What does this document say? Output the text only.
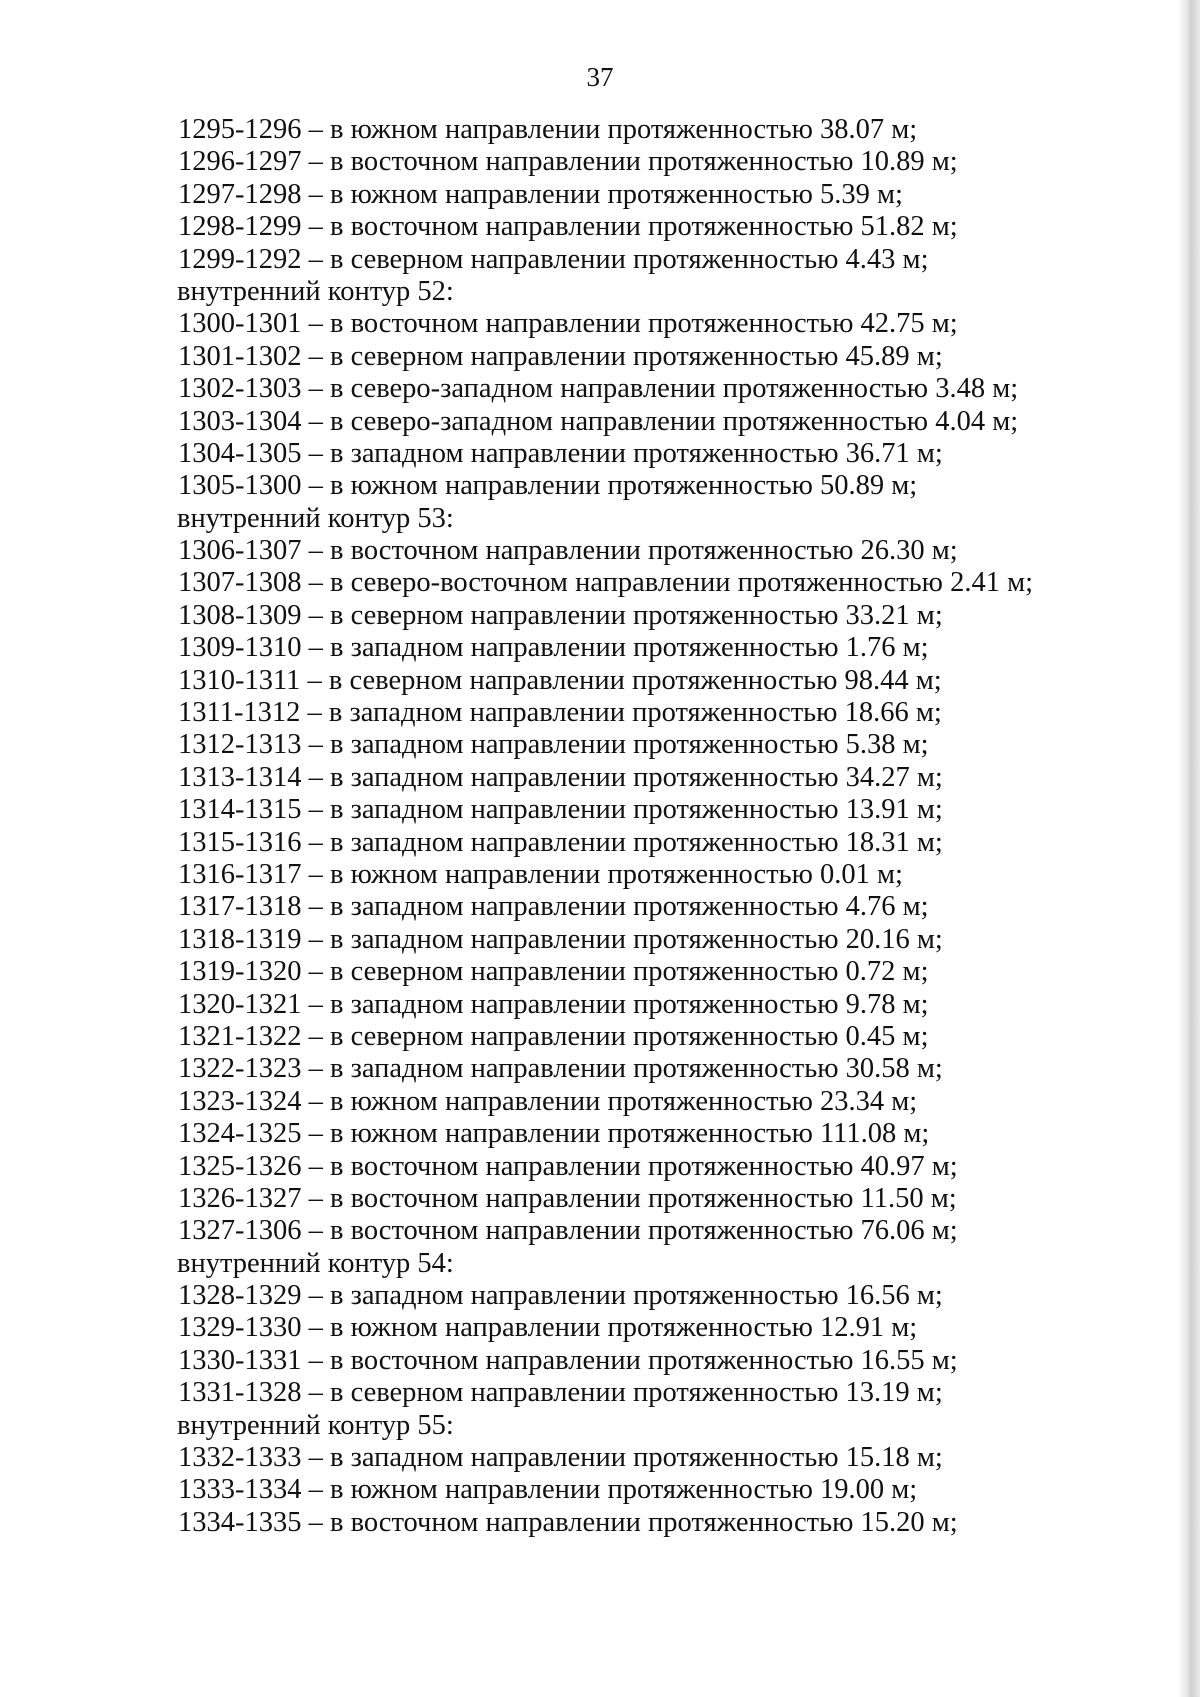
37
1295-1296 – в южном направлении протяженностью 38.07 м;
1296-1297 – в восточном направлении протяженностью 10.89 м;
1297-1298 – в южном направлении протяженностью 5.39 м;
1298-1299 – в восточном направлении протяженностью 51.82 м;
1299-1292 – в северном направлении протяженностью 4.43 м;
внутренний контур 52:
1300-1301 – в восточном направлении протяженностью 42.75 м;
1301-1302 – в северном направлении протяженностью 45.89 м;
1302-1303 – в северо-западном направлении протяженностью 3.48 м;
1303-1304 – в северо-западном направлении протяженностью 4.04 м;
1304-1305 – в западном направлении протяженностью 36.71 м;
1305-1300 – в южном направлении протяженностью 50.89 м;
внутренний контур 53:
1306-1307 – в восточном направлении протяженностью 26.30 м;
1307-1308 – в северо-восточном направлении протяженностью 2.41 м;
1308-1309 – в северном направлении протяженностью 33.21 м;
1309-1310 – в западном направлении протяженностью 1.76 м;
1310-1311 – в северном направлении протяженностью 98.44 м;
1311-1312 – в западном направлении протяженностью 18.66 м;
1312-1313 – в западном направлении протяженностью 5.38 м;
1313-1314 – в западном направлении протяженностью 34.27 м;
1314-1315 – в западном направлении протяженностью 13.91 м;
1315-1316 – в западном направлении протяженностью 18.31 м;
1316-1317 – в южном направлении протяженностью 0.01 м;
1317-1318 – в западном направлении протяженностью 4.76 м;
1318-1319 – в западном направлении протяженностью 20.16 м;
1319-1320 – в северном направлении протяженностью 0.72 м;
1320-1321 – в западном направлении протяженностью 9.78 м;
1321-1322 – в северном направлении протяженностью 0.45 м;
1322-1323 – в западном направлении протяженностью 30.58 м;
1323-1324 – в южном направлении протяженностью 23.34 м;
1324-1325 – в южном направлении протяженностью 111.08 м;
1325-1326 – в восточном направлении протяженностью 40.97 м;
1326-1327 – в восточном направлении протяженностью 11.50 м;
1327-1306 – в восточном направлении протяженностью 76.06 м;
внутренний контур 54:
1328-1329 – в западном направлении протяженностью 16.56 м;
1329-1330 – в южном направлении протяженностью 12.91 м;
1330-1331 – в восточном направлении протяженностью 16.55 м;
1331-1328 – в северном направлении протяженностью 13.19 м;
внутренний контур 55:
1332-1333 – в западном направлении протяженностью 15.18 м;
1333-1334 – в южном направлении протяженностью 19.00 м;
1334-1335 – в восточном направлении протяженностью 15.20 м;
